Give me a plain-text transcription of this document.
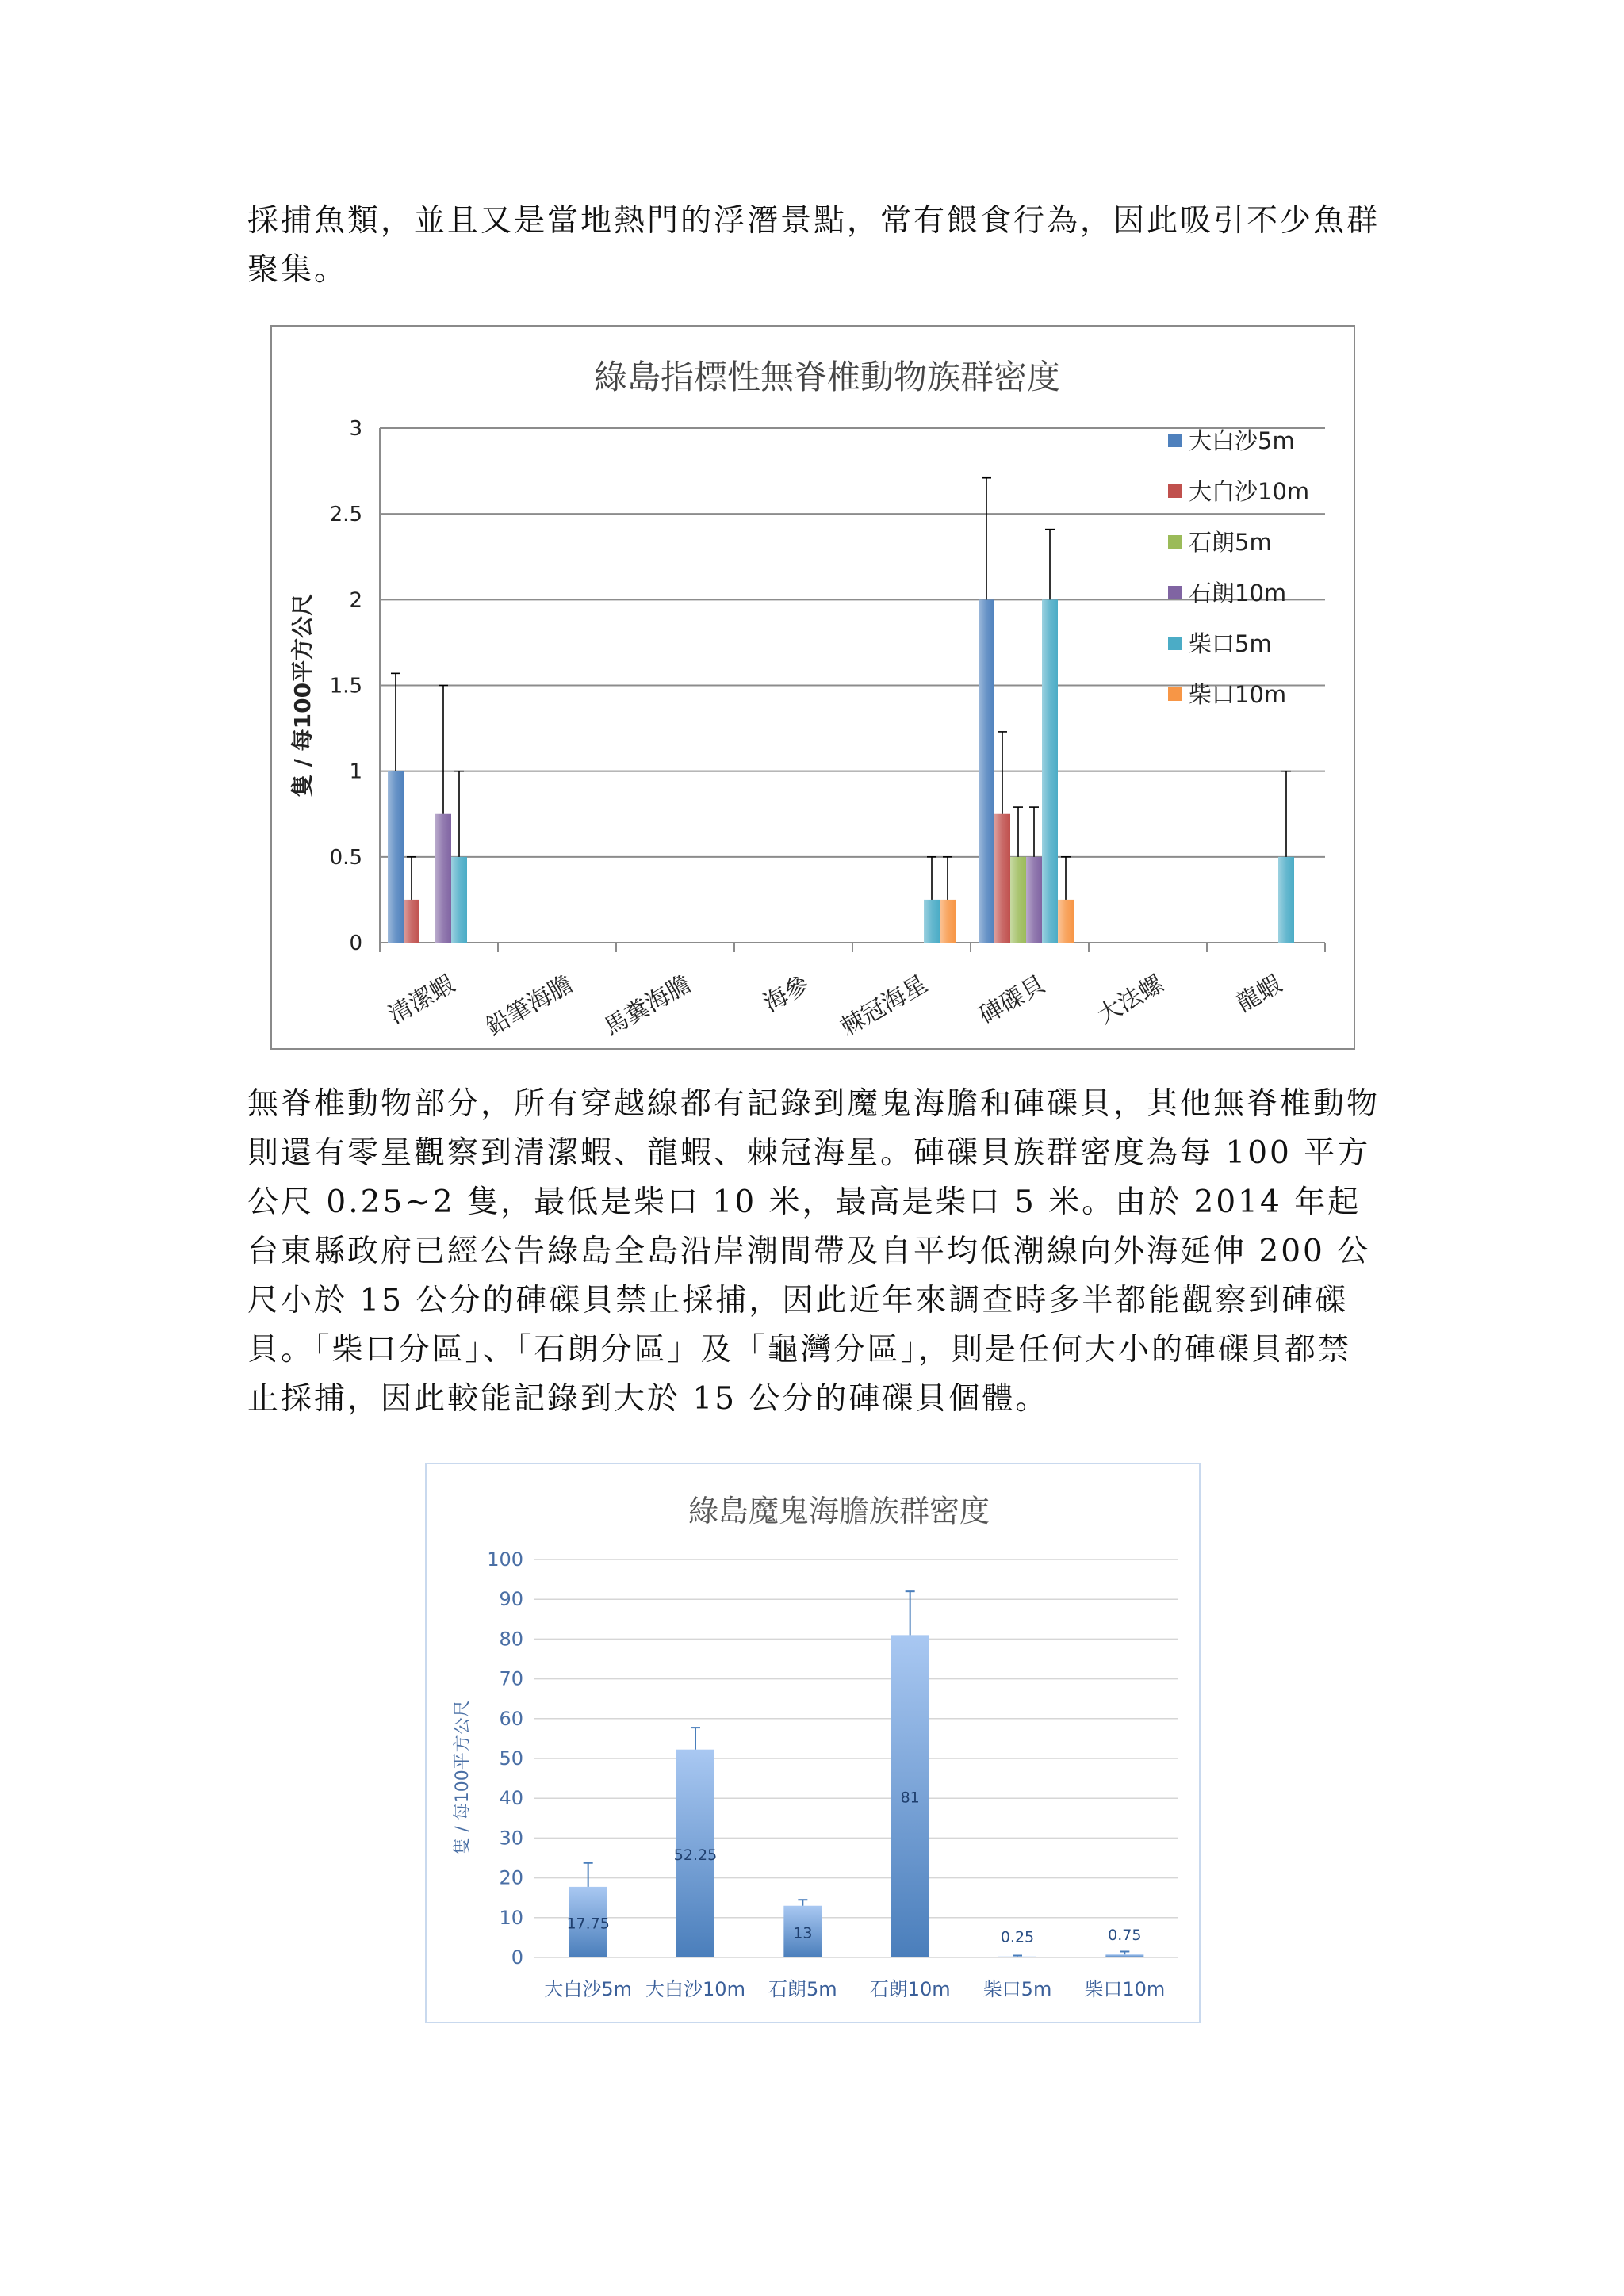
採捕魚類，並且又是當地熱門的浮潛景點，常有餵食行為，因此吸引不少魚群聚集。

綠島指標性無脊椎動物族群密度
隻 / 每100平方公尺
0
0.5
1
1.5
2
2.5
3
清潔蝦 鉛筆海膽 馬糞海膽	海參 棘冠海星 硨磲貝 大法螺	龍蝦
大白沙5m
大白沙10m
石朗5m
石朗10m
柴口5m
柴口10m

無脊椎動物部分，所有穿越線都有記錄到魔鬼海膽和硨磲貝，其他無脊椎動物則還有零星觀察到清潔蝦、龍蝦、棘冠海星。硨磲貝族群密度為每 100 平方公尺 0.25~2 隻，最低是柴口 10 米，最高是柴口 5 米。由於 2014 年起台東縣政府已經公告綠島全島沿岸潮間帶及自平均低潮線向外海延伸 200 公尺小於 15 公分的硨磲貝禁止採捕，因此近年來調查時多半都能觀察到硨磲貝。「柴口分區」、「石朗分區」及「龜灣分區」，則是任何大小的硨磲貝都禁止採捕，因此較能記錄到大於 15 公分的硨磲貝個體。

綠島魔鬼海膽族群密度
隻 / 每100平方公尺
0
10
20
30
40
50
60
70
80
90
100
17.75
52.25
13
81
0.25	0.75
大白沙5m 大白沙10m 石朗5m 石朗10m 柴口5m 柴口10m
